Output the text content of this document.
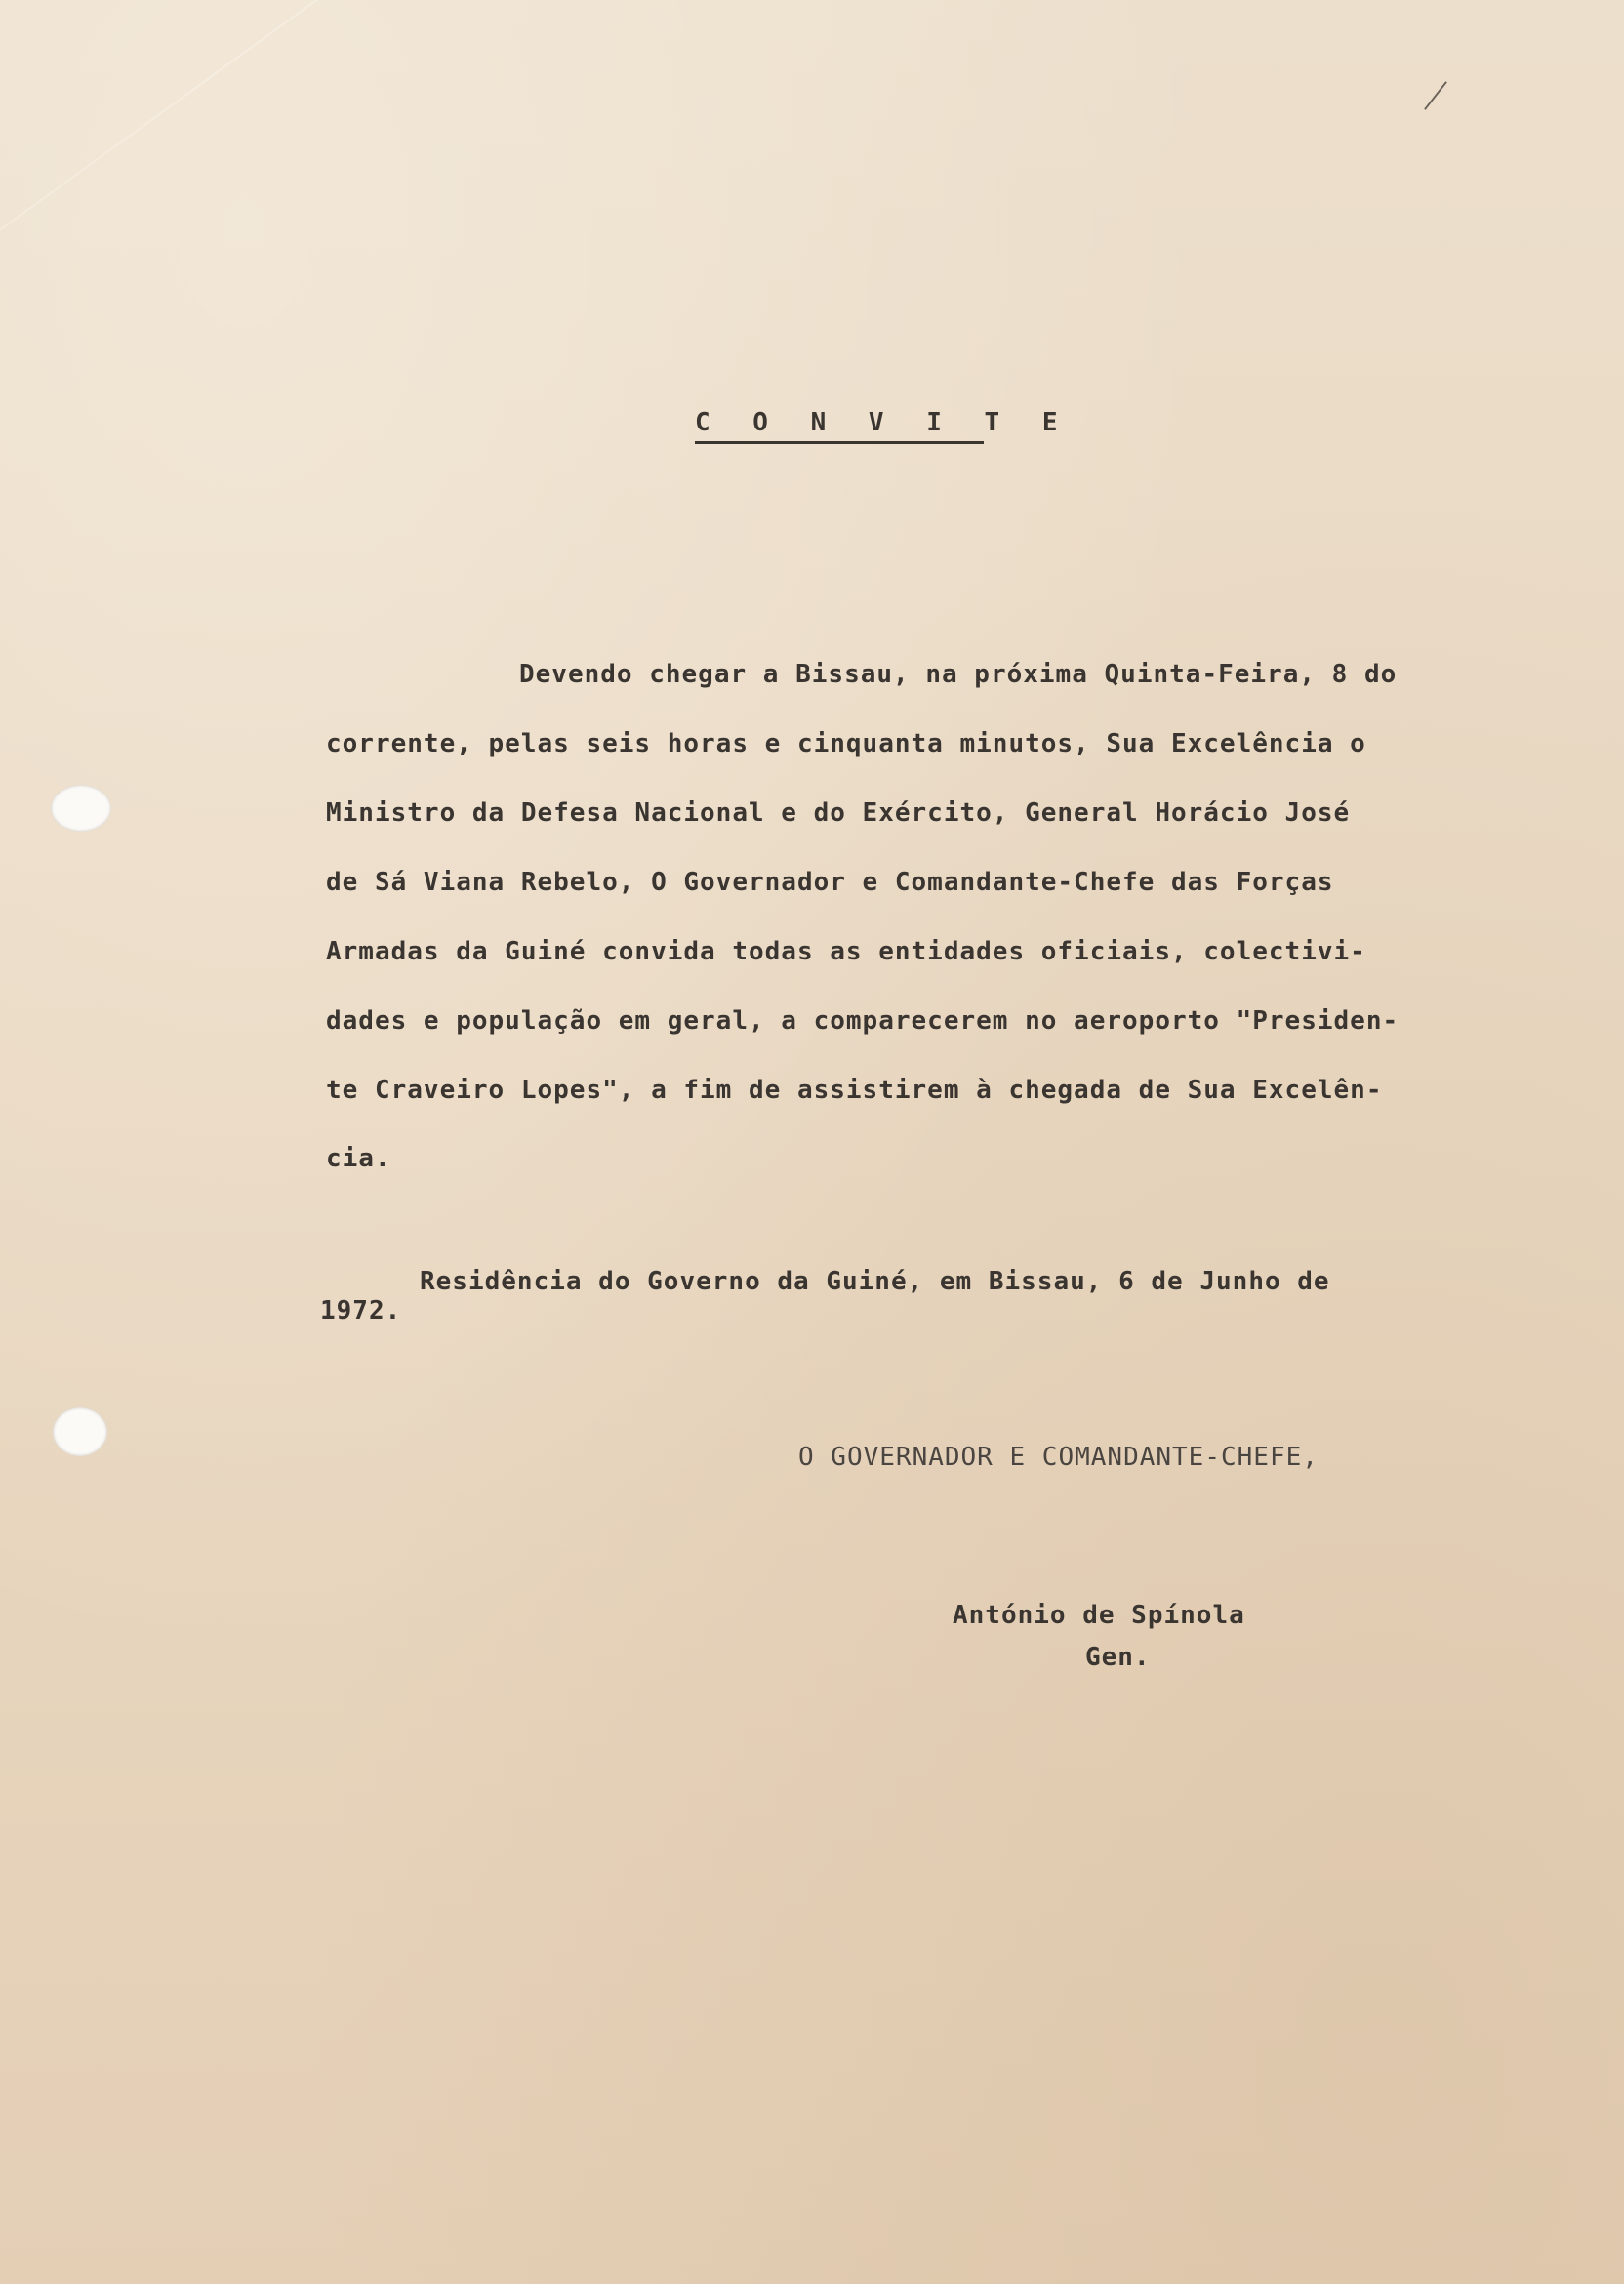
C O N V I T E
Devendo chegar a Bissau, na próxima Quinta-Feira, 8 do
corrente, pelas seis horas e cinquanta minutos, Sua Excelência o
Ministro da Defesa Nacional e do Exército, General Horácio José
de Sá Viana Rebelo, O Governador e Comandante-Chefe das Forças
Armadas da Guiné convida todas as entidades oficiais, colectivi-
dades e população em geral, a comparecerem no aeroporto "Presiden-
te Craveiro Lopes", a fim de assistirem à chegada de Sua Excelên-
cia.
Residência do Governo da Guiné, em Bissau, 6 de Junho de
1972.
O GOVERNADOR E COMANDANTE-CHEFE,
António de Spínola
Gen.
